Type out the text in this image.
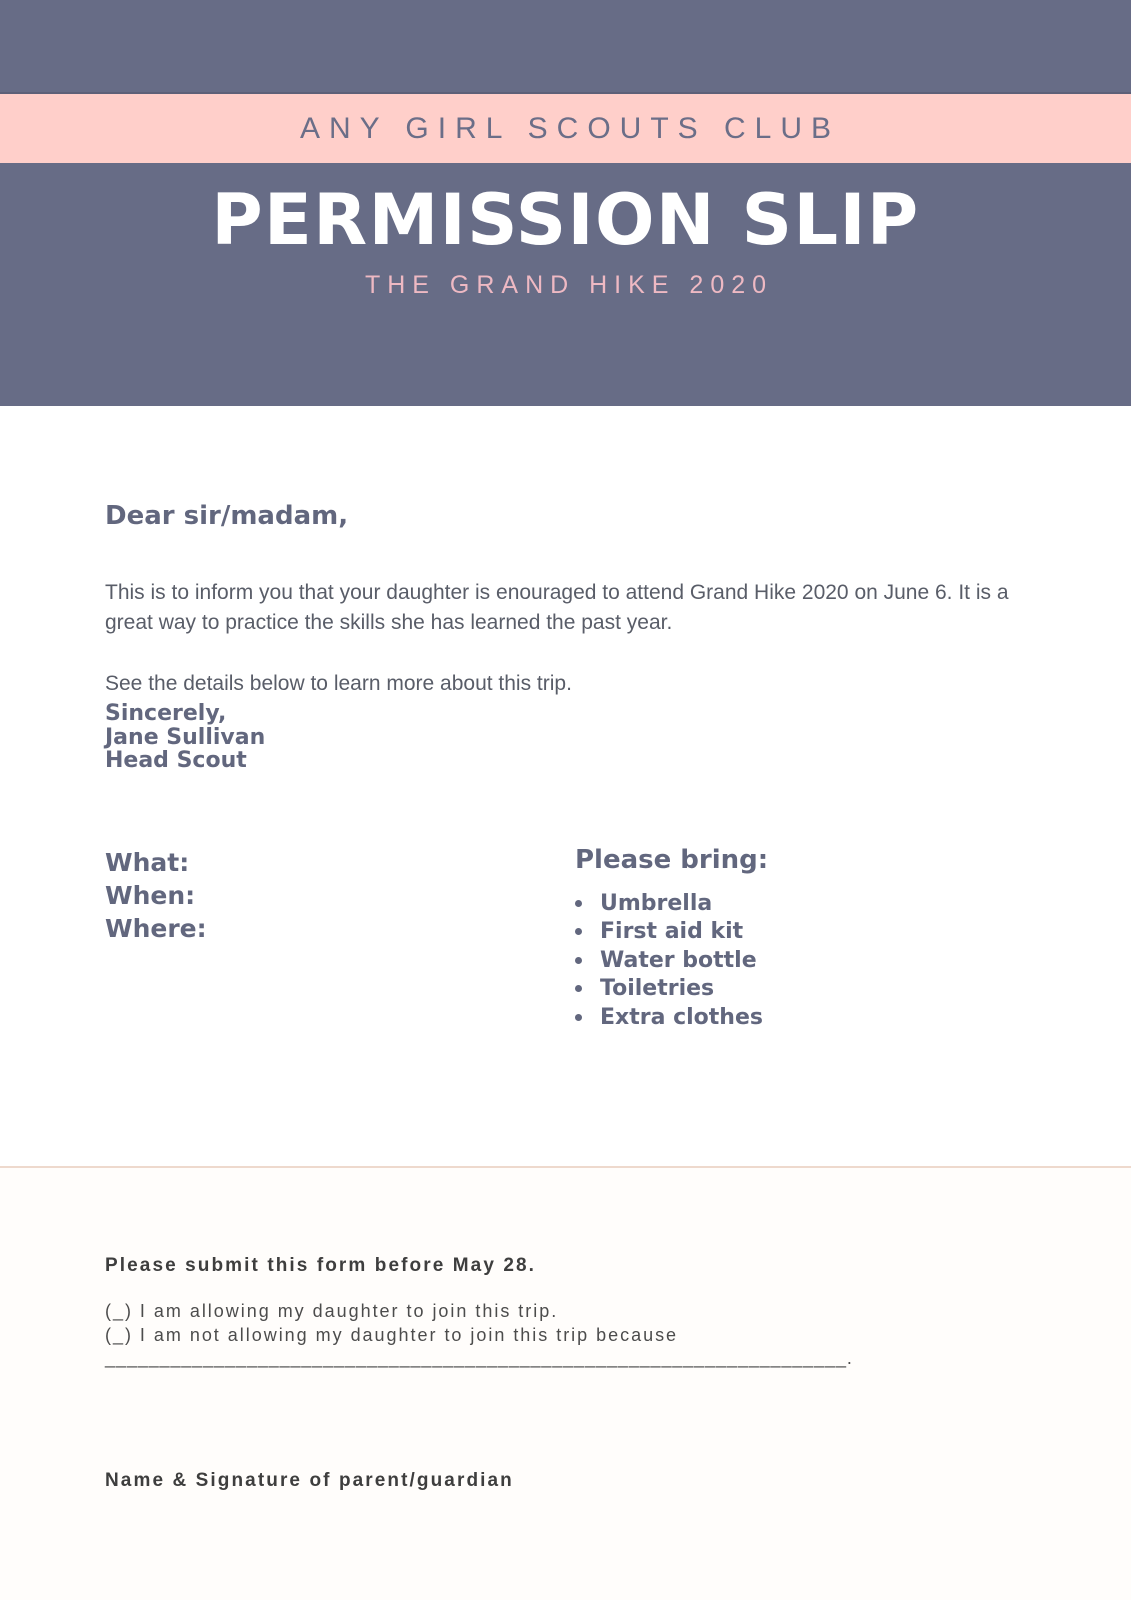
ANY GIRL SCOUTS CLUB
PERMISSION SLIP
THE GRAND HIKE 2020
Dear sir/madam,

This is to inform you that your daughter is enouraged to attend Grand Hike 2020 on June 6. It is a great way to practice the skills she has learned the past year.

See the details below to learn more about this trip.

Sincerely,
Jane Sullivan
Head Scout
What:
When:
Where:
Please bring:
Umbrella
First aid kit
Water bottle
Toiletries
Extra clothes
Please submit this form before May 28.
(_) I am allowing my daughter to join this trip.
(_) I am not allowing my daughter to join this trip because
____________________________________________________________________.
Name & Signature of parent/guardian
